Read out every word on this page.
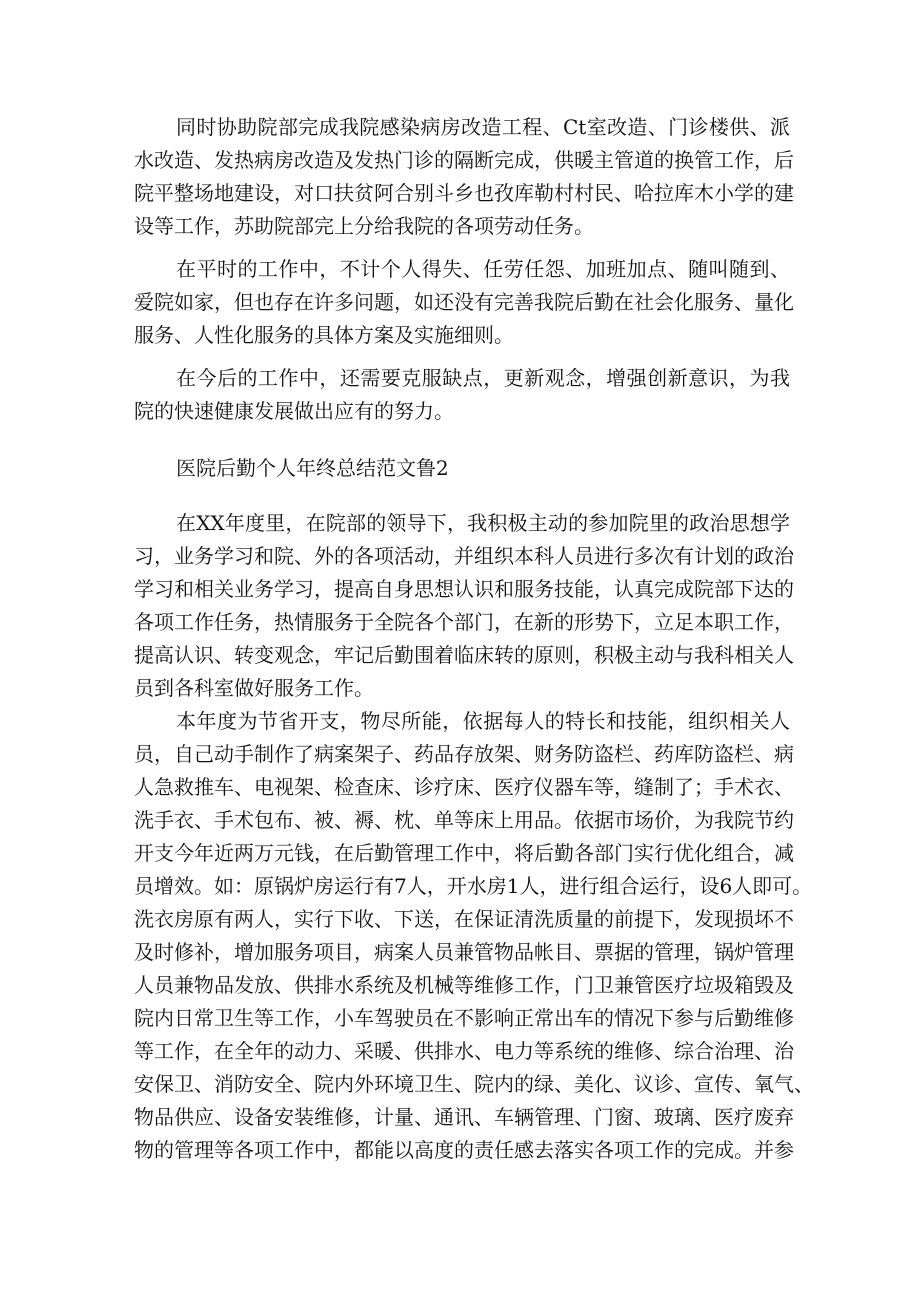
同时协助院部完成我院感染病房改造工程、Ct室改造、门诊楼供、派
水改造、发热病房改造及发热门诊的隔断完成，供暖主管道的换管工作，后
院平整场地建设，对口扶贫阿合别斗乡也孜库勒村村民、哈拉库木小学的建
设等工作，苏助院部完上分给我院的各项劳动任务。
在平时的工作中，不计个人得失、任劳任怨、加班加点、随叫随到、
爱院如家，但也存在许多问题，如还没有完善我院后勤在社会化服务、量化
服务、人性化服务的具体方案及实施细则。
在今后的工作中，还需要克服缺点，更新观念，增强创新意识，为我
院的快速健康发展做出应有的努力。
医院后勤个人年终总结范文鲁2
在XX年度里，在院部的领导下，我积极主动的参加院里的政治思想学
习，业务学习和院、外的各项活动，并组织本科人员进行多次有计划的政治
学习和相关业务学习，提高自身思想认识和服务技能，认真完成院部下达的
各项工作任务，热情服务于全院各个部门，在新的形势下，立足本职工作，
提高认识、转变观念，牢记后勤围着临床转的原则，积极主动与我科相关人
员到各科室做好服务工作。
本年度为节省开支，物尽所能，依据每人的特长和技能，组织相关人
员，自己动手制作了病案架子、药品存放架、财务防盗栏、药库防盗栏、病
人急救推车、电视架、检查床、诊疗床、医疗仪器车等，缝制了；手术衣、
洗手衣、手术包布、被、褥、枕、单等床上用品。依据市场价，为我院节约
开支今年近两万元钱，在后勤管理工作中，将后勤各部门实行优化组合，减
员增效。如：原锅炉房运行有7人，开水房1人，进行组合运行，设6人即可。
洗衣房原有两人，实行下收、下送，在保证清洗质量的前提下，发现损坏不
及时修补，增加服务项目，病案人员兼管物品帐目、票据的管理，锅炉管理
人员兼物品发放、供排水系统及机械等维修工作，门卫兼管医疗垃圾箱毁及
院内日常卫生等工作，小车驾驶员在不影响正常出车的情况下参与后勤维修
等工作，在全年的动力、采暖、供排水、电力等系统的维修、综合治理、治
安保卫、消防安全、院内外环境卫生、院内的绿、美化、议诊、宣传、氧气、
物品供应、设备安装维修，计量、通讯、车辆管理、门窗、玻璃、医疗废弃
物的管理等各项工作中，都能以高度的责任感去落实各项工作的完成。并参
